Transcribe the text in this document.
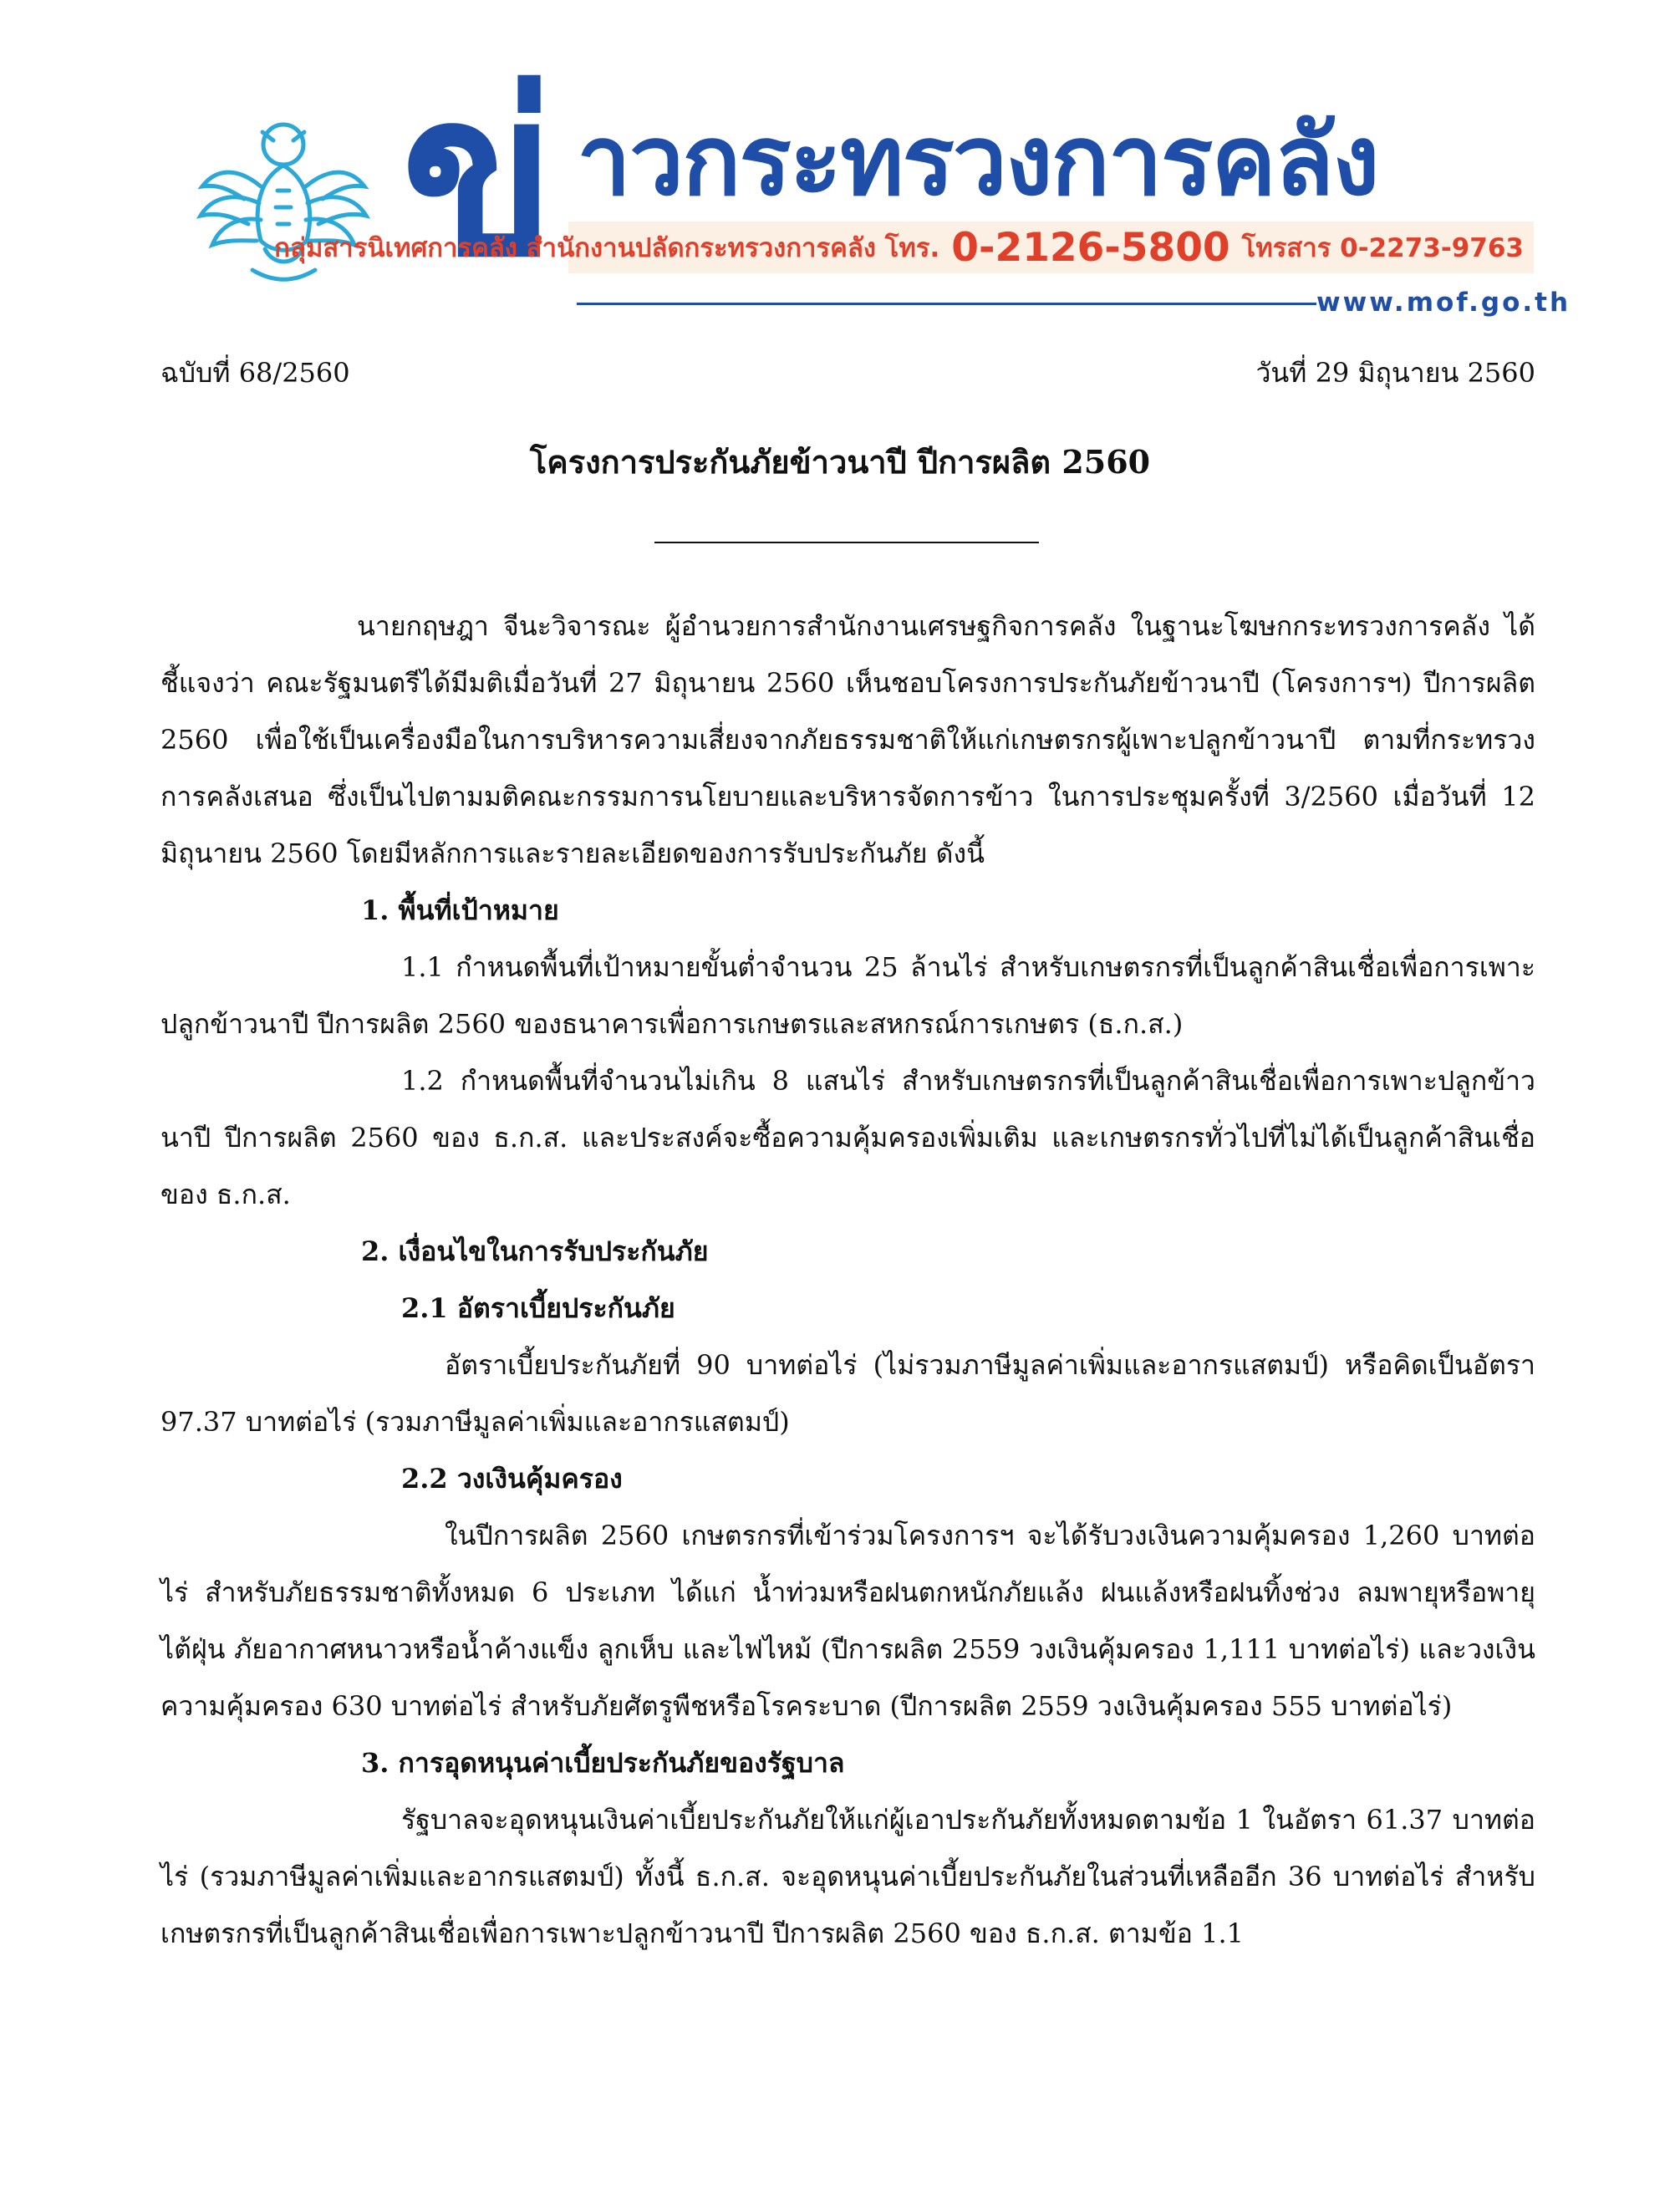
ข่ าวกระทรวงการคลัง
กลุ่มสารนิเทศการคลัง สำนักงานปลัดกระทรวงการคลัง โทร. 0-2126-5800 โทรสาร 0-2273-9763
www.mof.go.th
ฉบับที่ 68/2560	วันที่ 29 มิถุนายน 2560
โครงการประกันภัยข้าวนาปี ปีการผลิต 2560

นายกฤษฎา จีนะวิจารณะ ผู้อำนวยการสำนักงานเศรษฐกิจการคลัง ในฐานะโฆษกกระทรวงการคลัง ได้ชี้แจงว่า คณะรัฐมนตรีได้มีมติเมื่อวันที่ 27 มิถุนายน 2560 เห็นชอบโครงการประกันภัยข้าวนาปี (โครงการฯ) ปีการผลิต 2560 เพื่อใช้เป็นเครื่องมือในการบริหารความเสี่ยงจากภัยธรรมชาติให้แก่เกษตรกรผู้เพาะปลูกข้าวนาปี ตามที่กระทรวงการคลังเสนอ ซึ่งเป็นไปตามมติคณะกรรมการนโยบายและบริหารจัดการข้าว ในการประชุมครั้งที่ 3/2560 เมื่อวันที่ 12 มิถุนายน 2560 โดยมีหลักการและรายละเอียดของการรับประกันภัย ดังนี้

1. พื้นที่เป้าหมาย

1.1 กำหนดพื้นที่เป้าหมายขั้นต่ำจำนวน 25 ล้านไร่ สำหรับเกษตรกรที่เป็นลูกค้าสินเชื่อเพื่อการเพาะปลูกข้าวนาปี ปีการผลิต 2560 ของธนาคารเพื่อการเกษตรและสหกรณ์การเกษตร (ธ.ก.ส.)

1.2 กำหนดพื้นที่จำนวนไม่เกิน 8 แสนไร่ สำหรับเกษตรกรที่เป็นลูกค้าสินเชื่อเพื่อการเพาะปลูกข้าวนาปี ปีการผลิต 2560 ของ ธ.ก.ส. และประสงค์จะซื้อความคุ้มครองเพิ่มเติม และเกษตรกรทั่วไปที่ไม่ได้เป็นลูกค้าสินเชื่อของ ธ.ก.ส.

2. เงื่อนไขในการรับประกันภัย

2.1 อัตราเบี้ยประกันภัย

อัตราเบี้ยประกันภัยที่ 90 บาทต่อไร่ (ไม่รวมภาษีมูลค่าเพิ่มและอากรแสตมป์) หรือคิดเป็นอัตรา 97.37 บาทต่อไร่ (รวมภาษีมูลค่าเพิ่มและอากรแสตมป์)

2.2 วงเงินคุ้มครอง

ในปีการผลิต 2560 เกษตรกรที่เข้าร่วมโครงการฯ จะได้รับวงเงินความคุ้มครอง 1,260 บาทต่อไร่ สำหรับภัยธรรมชาติทั้งหมด 6 ประเภท ได้แก่ น้ำท่วมหรือฝนตกหนักภัยแล้ง ฝนแล้งหรือฝนทิ้งช่วง ลมพายุหรือพายุไต้ฝุ่น ภัยอากาศหนาวหรือน้ำค้างแข็ง ลูกเห็บ และไฟไหม้ (ปีการผลิต 2559 วงเงินคุ้มครอง 1,111 บาทต่อไร่) และวงเงินความคุ้มครอง 630 บาทต่อไร่ สำหรับภัยศัตรูพืชหรือโรคระบาด (ปีการผลิต 2559 วงเงินคุ้มครอง 555 บาทต่อไร่)

3. การอุดหนุนค่าเบี้ยประกันภัยของรัฐบาล

รัฐบาลจะอุดหนุนเงินค่าเบี้ยประกันภัยให้แก่ผู้เอาประกันภัยทั้งหมดตามข้อ 1 ในอัตรา 61.37 บาทต่อไร่ (รวมภาษีมูลค่าเพิ่มและอากรแสตมป์) ทั้งนี้ ธ.ก.ส. จะอุดหนุนค่าเบี้ยประกันภัยในส่วนที่เหลืออีก 36 บาทต่อไร่ สำหรับเกษตรกรที่เป็นลูกค้าสินเชื่อเพื่อการเพาะปลูกข้าวนาปี ปีการผลิต 2560 ของ ธ.ก.ส. ตามข้อ 1.1
